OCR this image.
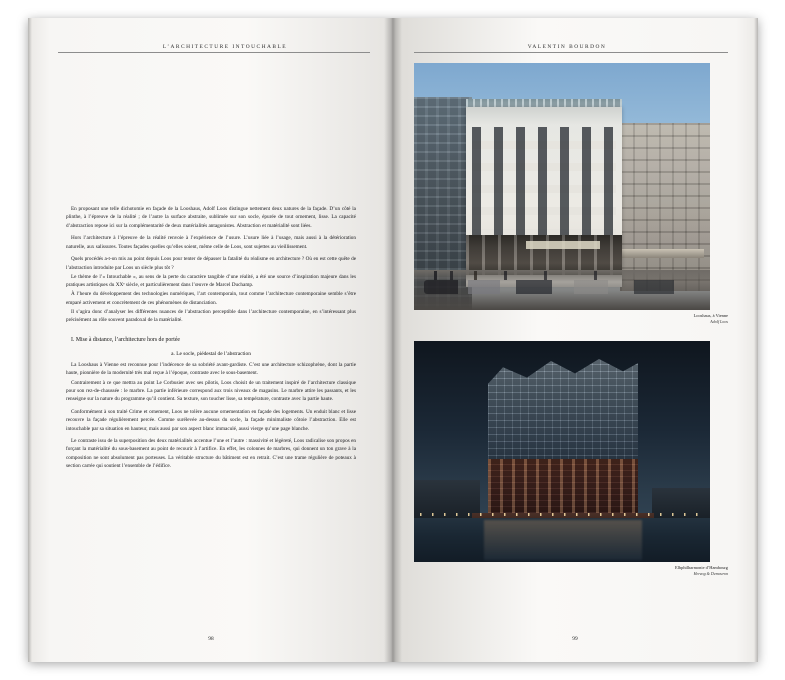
L’ARCHITECTURE INTOUCHABLE

En proposant une telle dichotomie en façade de la Looshaus, Adolf Loos distingue nettement deux natures de la façade. D’un côté la plinthe, à l’épreuve de la réalité ; de l’autre la surface abstraite, sublimée sur son socle, épurée de tout ornement, lisse. La capacité d’abstraction repose ici sur la complémentarité de deux matérialités antagonistes. Abstraction et matérialité sont liées.

Hors l’architecture à l’épreuve de la réalité renvoie à l’expérience de l’usure. L’usure liée à l’usage, mais aussi à la détérioration naturelle, aux salissures. Toutes façades quelles qu’elles soient, même celle de Loos, sont sujettes au vieillissement.

Quels procédés a-t-on mis au point depuis Loos pour tenter de dépasser la fatalité du réalisme en architecture ? Où en est cette quête de l’abstraction introduite par Loos un siècle plus tôt ?

Le thème de l’« Intouchable », au sens de la perte du caractère tangible d’une réalité, a été une source d’inspiration majeure dans les pratiques artistiques du XXᵉ siècle, et particulièrement dans l’œuvre de Marcel Duchamp.

À l’heure du développement des technologies numériques, l’art contemporain, tout comme l’architecture contemporaine semble s’être emparé activement et concrètement de ces phénomènes de distanciation.

Il s’agira donc d’analyser les différentes nuances de l’abstraction perceptible dans l’architecture contemporaine, en s’intéressant plus précisément au rôle souvent paradoxal de la matérialité.

I. Mise à distance, l’architecture hors de portée
a. Le socle, piédestal de l’abstraction

La Looshaus à Vienne est reconnue pour l’indécence de sa sobriété avant-gardiste. C’est une architecture schizophrène, dont la partie haute, pionnière de la modernité très mal reçue à l’époque, contraste avec le sous-basement.

Contrairement à ce que mettra au point Le Corbusier avec ses pilotis, Loos choisit de un traitement inspiré de l’architecture classique pour son rez-de-chaussée : le marbre. La partie inférieure correspond aux trois niveaux de magasins. Le marbre attire les passants, et les renseigne sur la nature du programme qu’il contient. Sa texture, son toucher lisse, sa température, contraste avec la partie haute.

Conformément à son traité Crime et ornement, Loos ne tolère aucune ornementation en façade des logements. Un enduit blanc et lisse recouvre la façade régulièrement percée. Comme surélevée au-dessus du socle, la façade minimaliste côtoie l’abstraction. Elle est intouchable par sa situation en hauteur, mais aussi par son aspect blanc immaculé, aussi vierge qu’une page blanche.

Le contraste issu de la superposition des deux matérialités accentue l’une et l’autre : massivité et légèreté, Loos radicalise son propos en forçant la matérialité du sous-basement au point de recourir à l’artifice. En effet, les colonnes de marbres, qui donnent un ton grave à la composition ne sont absolument pas porteuses. La véritable structure du bâtiment est en retrait. C’est une trame régulière de poteaux à section carrée qui soutient l’ensemble de l’édifice.

98
VALENTIN BOURDON
Looshaus, à Vienne
Adolf Loos
Elbphilharmonie d’Hambourg
Herzog & Demeuron
99
